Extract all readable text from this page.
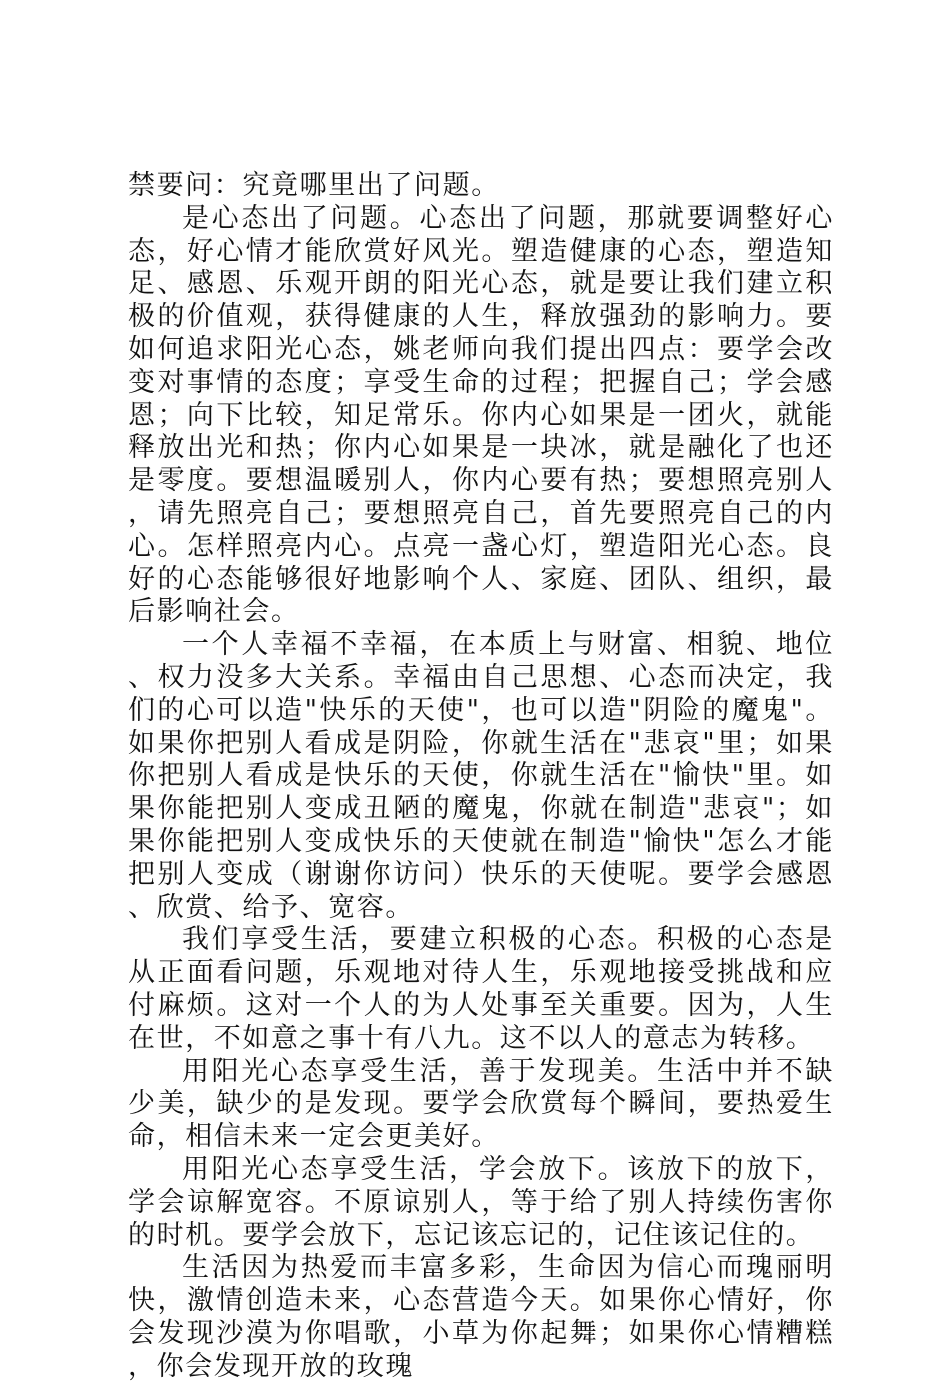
禁要问：究竟哪里出了问题。

是心态出了问题。心态出了问题，那就要调整好心态，好心情才能欣赏好风光。塑造健康的心态，塑造知足、感恩、乐观开朗的阳光心态，就是要让我们建立积极的价值观，获得健康的人生，释放强劲的影响力。要如何追求阳光心态，姚老师向我们提出四点：要学会改变对事情的态度；享受生命的过程；把握自己；学会感恩；向下比较，知足常乐。你内心如果是一团火，就能释放出光和热；你内心如果是一块冰，就是融化了也还是零度。要想温暖别人，你内心要有热；要想照亮别人，请先照亮自己；要想照亮自己，首先要照亮自己的内心。怎样照亮内心。点亮一盏心灯，塑造阳光心态。良好的心态能够很好地影响个人、家庭、团队、组织，最后影响社会。

一个人幸福不幸福，在本质上与财富、相貌、地位、权力没多大关系。幸福由自己思想、心态而决定，我们的心可以造"快乐的天使"，也可以造"阴险的魔鬼"。如果你把别人看成是阴险，你就生活在"悲哀"里；如果你把别人看成是快乐的天使，你就生活在"愉快"里。如果你能把别人变成丑陋的魔鬼，你就在制造"悲哀"；如果你能把别人变成快乐的天使就在制造"愉快"怎么才能把别人变成（谢谢你访问）快乐的天使呢。要学会感恩、欣赏、给予、宽容。

我们享受生活，要建立积极的心态。积极的心态是从正面看问题，乐观地对待人生，乐观地接受挑战和应付麻烦。这对一个人的为人处事至关重要。因为，人生在世，不如意之事十有八九。这不以人的意志为转移。

用阳光心态享受生活，善于发现美。生活中并不缺少美，缺少的是发现。要学会欣赏每个瞬间，要热爱生命，相信未来一定会更美好。

用阳光心态享受生活，学会放下。该放下的放下，学会谅解宽容。不原谅别人，等于给了别人持续伤害你的时机。要学会放下，忘记该忘记的，记住该记住的。

生活因为热爱而丰富多彩，生命因为信心而瑰丽明快，激情创造未来，心态营造今天。如果你心情好，你会发现沙漠为你唱歌，小草为你起舞；如果你心情糟糕，你会发现开放的玫瑰
